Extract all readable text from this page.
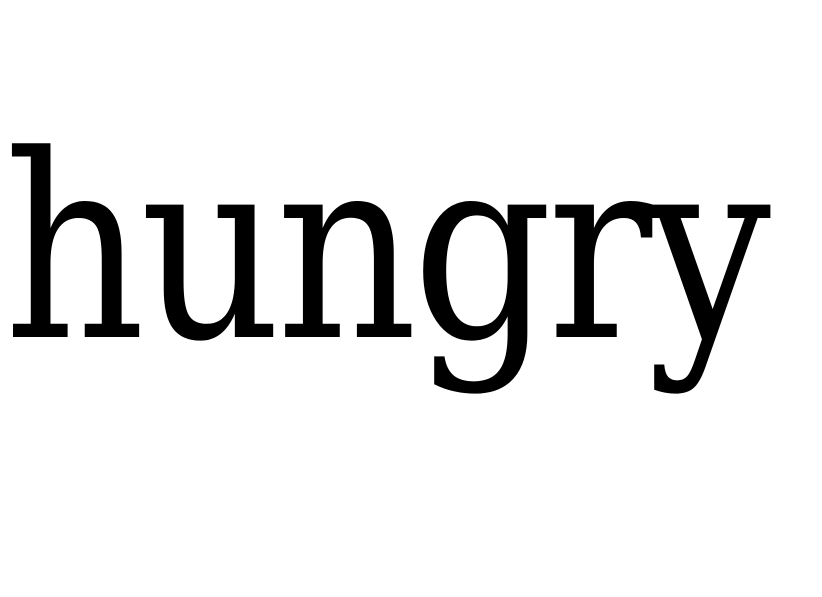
hungry
